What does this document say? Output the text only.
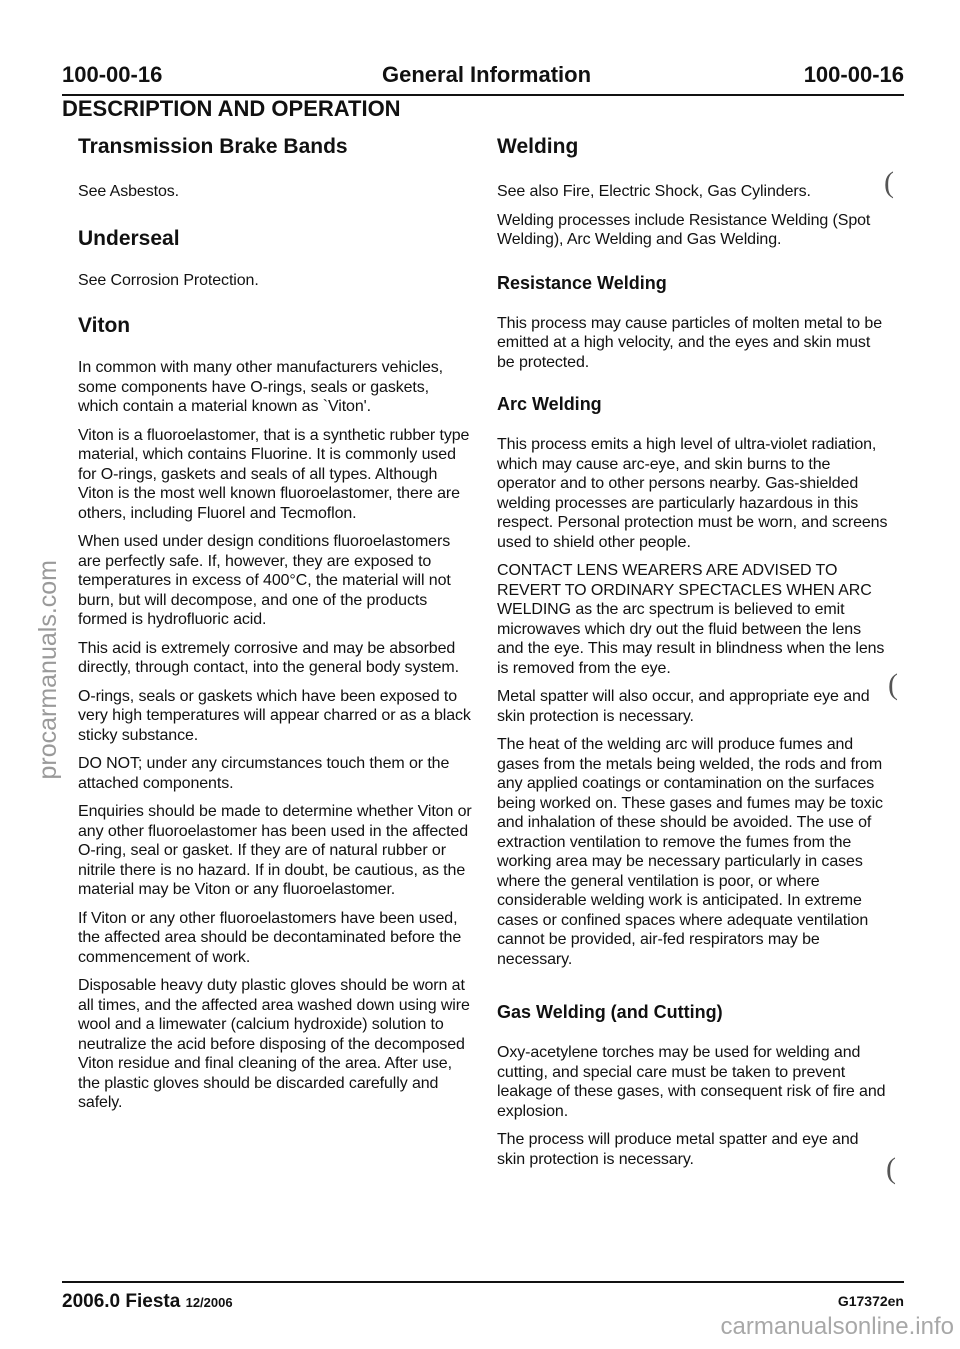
100-00-16	General Information	100-00-16
DESCRIPTION AND OPERATION
procarmanuals.com
Transmission Brake Bands

See Asbestos.

Underseal

See Corrosion Protection.

Viton

In common with many other manufacturers vehicles, some components have O-rings, seals or gaskets, which contain a material known as `Viton'.

Viton is a fluoroelastomer, that is a synthetic rubber type material, which contains Fluorine. It is commonly used for O-rings, gaskets and seals of all types. Although Viton is the most well known fluoroelastomer, there are others, including Fluorel and Tecmoflon.

When used under design conditions fluoroelastomers are perfectly safe. If, however, they are exposed to temperatures in excess of 400°C, the material will not burn, but will decompose, and one of the products formed is hydrofluoric acid.

This acid is extremely corrosive and may be absorbed directly, through contact, into the general body system.

O-rings, seals or gaskets which have been exposed to very high temperatures will appear charred or as a black sticky substance.

DO NOT; under any circumstances touch them or the attached components.

Enquiries should be made to determine whether Viton or any other fluoroelastomer has been used in the affected O-ring, seal or gasket. If they are of natural rubber or nitrile there is no hazard. If in doubt, be cautious, as the material may be Viton or any fluoroelastomer.

If Viton or any other fluoroelastomers have been used, the affected area should be decontaminated before the commencement of work.

Disposable heavy duty plastic gloves should be worn at all times, and the affected area washed down using wire wool and a limewater (calcium hydroxide) solution to neutralize the acid before disposing of the decomposed Viton residue and final cleaning of the area. After use, the plastic gloves should be discarded carefully and safely.

Welding

See also Fire, Electric Shock, Gas Cylinders.

Welding processes include Resistance Welding (Spot Welding), Arc Welding and Gas Welding.

Resistance Welding

This process may cause particles of molten metal to be emitted at a high velocity, and the eyes and skin must be protected.

Arc Welding

This process emits a high level of ultra-violet radiation, which may cause arc-eye, and skin burns to the operator and to other persons nearby. Gas-shielded welding processes are particularly hazardous in this respect. Personal protection must be worn, and screens used to shield other people.

CONTACT LENS WEARERS ARE ADVISED TO REVERT TO ORDINARY SPECTACLES WHEN ARC WELDING as the arc spectrum is believed to emit microwaves which dry out the fluid between the lens and the eye. This may result in blindness when the lens is removed from the eye.

Metal spatter will also occur, and appropriate eye and skin protection is necessary.

The heat of the welding arc will produce fumes and gases from the metals being welded, the rods and from any applied coatings or contamination on the surfaces being worked on. These gases and fumes may be toxic and inhalation of these should be avoided. The use of extraction ventilation to remove the fumes from the working area may be necessary particularly in cases where the general ventilation is poor, or where considerable welding work is anticipated. In extreme cases or confined spaces where adequate ventilation cannot be provided, air-fed respirators may be necessary.

Gas Welding (and Cutting)

Oxy-acetylene torches may be used for welding and cutting, and special care must be taken to prevent leakage of these gases, with consequent risk of fire and explosion.

The process will produce metal spatter and eye and skin protection is necessary.

(
(
(
2006.0 Fiesta 12/2006	G17372en
carmanualsonline.info
